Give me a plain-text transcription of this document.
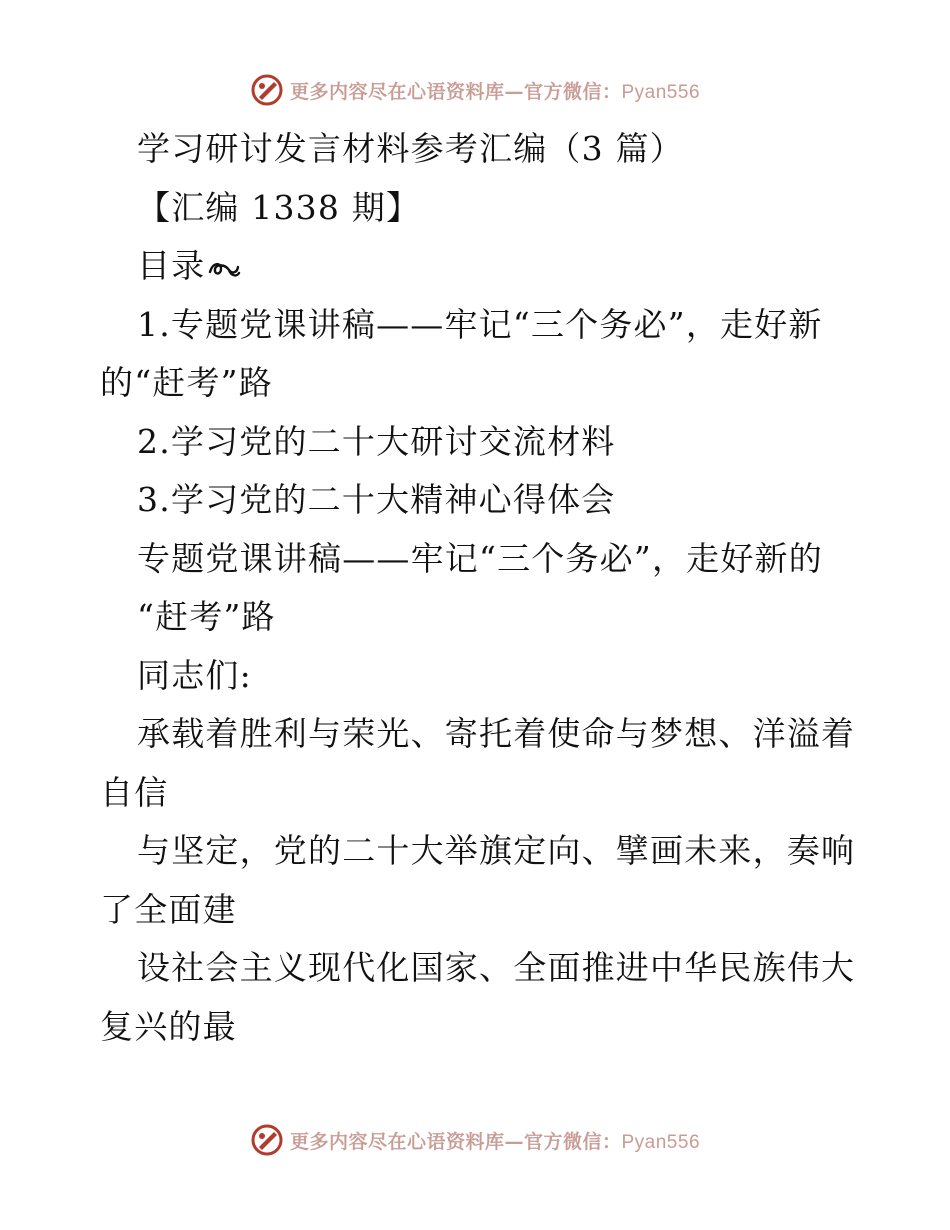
更多内容尽在心语资料库—官方微信：Pyan556
学习研讨发言材料参考汇编（3 篇）
【汇编 1338 期】
目录
1.专题党课讲稿——牢记“三个务必”，走好新
的“赶考”路
2.学习党的二十大研讨交流材料
3.学习党的二十大精神心得体会
专题党课讲稿——牢记“三个务必”，走好新的
“赶考”路
同志们:
承载着胜利与荣光、寄托着使命与梦想、洋溢着
自信
与坚定，党的二十大举旗定向、擘画未来，奏响
了全面建
设社会主义现代化国家、全面推进中华民族伟大
复兴的最
更多内容尽在心语资料库—官方微信：Pyan556
